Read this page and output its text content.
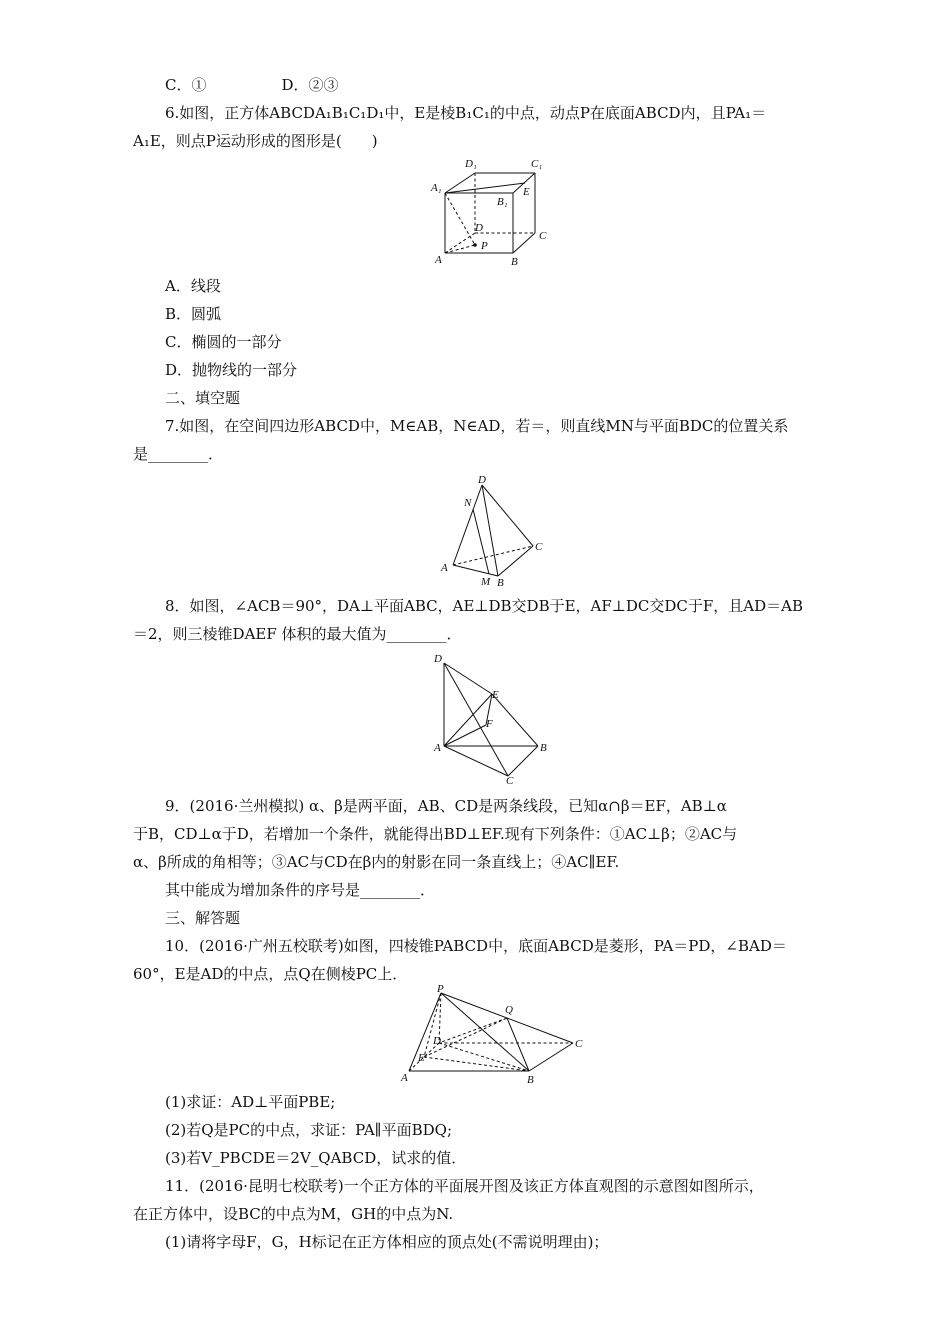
C．①　　　　　D．②③
6.如图，正方体ABCDA₁B₁C₁D₁中，E是棱B₁C₁的中点，动点P在底面ABCD内，且PA₁＝
A₁E，则点P运动形成的图形是(　　)
D₁	C₁
A₁	E
B₁
D
P
C
A	B
A．线段
B．圆弧
C．椭圆的一部分
D．抛物线的一部分
二、填空题
7.如图，在空间四边形ABCD中，M∈AB，N∈AD，若＝，则直线MN与平面BDC的位置关系
是________．
D
N
C
A
M B
8．如图，∠ACB＝90°，DA⊥平面ABC，AE⊥DB交DB于E，AF⊥DC交DC于F，且AD＝AB
＝2，则三棱锥DAEF 体积的最大值为________．
D
E
F
A	B
C
9．(2016·兰州模拟) α、β是两平面，AB、CD是两条线段，已知α∩β＝EF，AB⊥α
于B，CD⊥α于D，若增加一个条件，就能得出BD⊥EF.现有下列条件：①AC⊥β；②AC与
α、β所成的角相等；③AC与CD在β内的射影在同一条直线上；④AC∥EF.
其中能成为增加条件的序号是________．
三、解答题
10．(2016·广州五校联考)如图，四棱锥PABCD中，底面ABCD是菱形，PA＝PD，∠BAD＝
60°，E是AD的中点，点Q在侧棱PC上．
P
Q
D
E
C
A	B
(1)求证：AD⊥平面PBE;
(2)若Q是PC的中点，求证：PA∥平面BDQ;
(3)若V_PBCDE＝2V_QABCD，试求的值．
11．(2016·昆明七校联考)一个正方体的平面展开图及该正方体直观图的示意图如图所示，
在正方体中，设BC的中点为M，GH的中点为N.
(1)请将字母F，G，H标记在正方体相应的顶点处(不需说明理由)；
